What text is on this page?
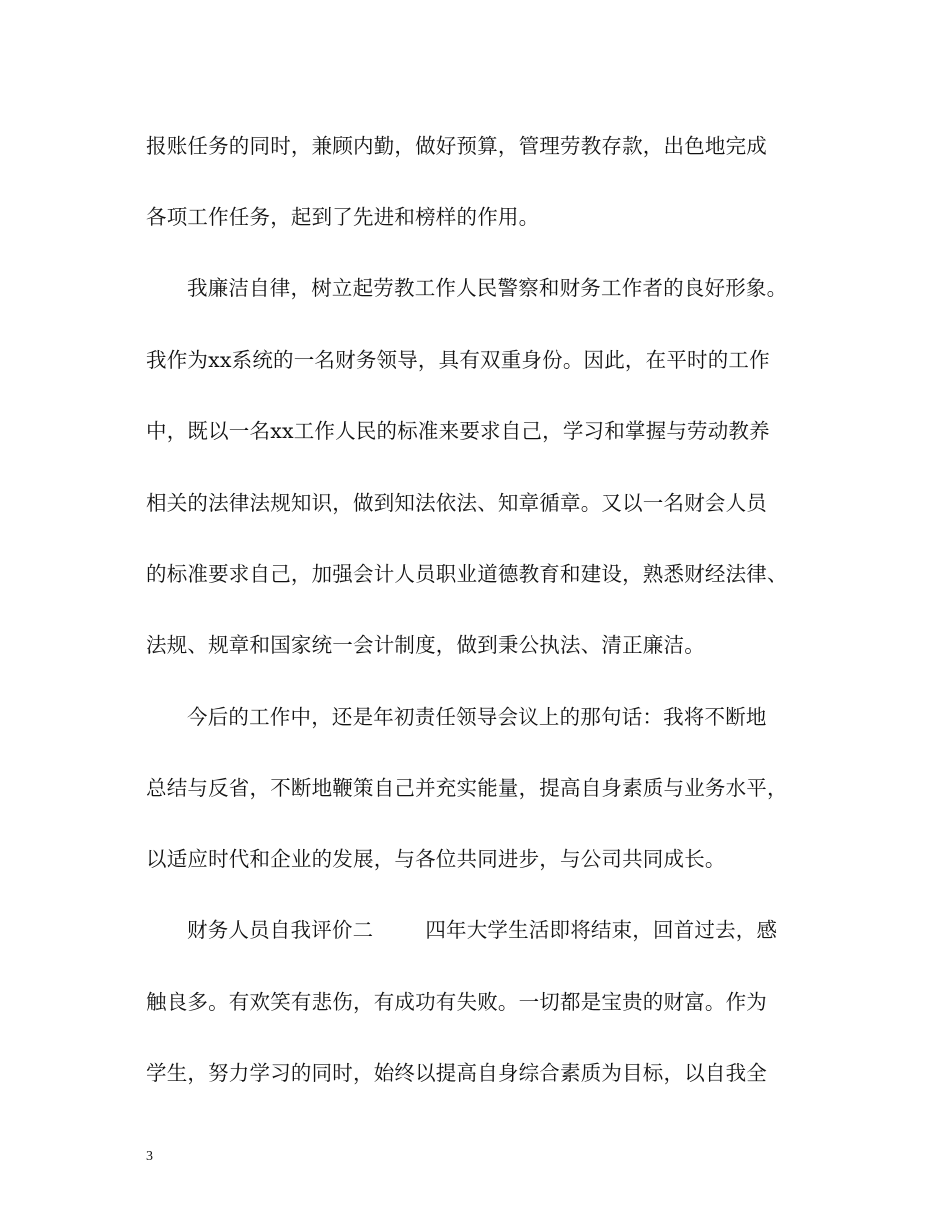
报账任务的同时，兼顾内勤，做好预算，管理劳教存款，出色地完成
各项工作任务，起到了先进和榜样的作用。
我廉洁自律，树立起劳教工作人民警察和财务工作者的良好形象。
我作为xx系统的一名财务领导，具有双重身份。因此，在平时的工作
中，既以一名xx工作人民的标准来要求自己，学习和掌握与劳动教养
相关的法律法规知识，做到知法依法、知章循章。又以一名财会人员
的标准要求自己，加强会计人员职业道德教育和建设，熟悉财经法律、
法规、规章和国家统一会计制度，做到秉公执法、清正廉洁。
今后的工作中，还是年初责任领导会议上的那句话：我将不断地
总结与反省，不断地鞭策自己并充实能量，提高自身素质与业务水平，
以适应时代和企业的发展，与各位共同进步，与公司共同成长。
财务人员自我评价二	四年大学生活即将结束，回首过去，感
触良多。有欢笑有悲伤，有成功有失败。一切都是宝贵的财富。作为
学生，努力学习的同时，始终以提高自身综合素质为目标，以自我全
3
